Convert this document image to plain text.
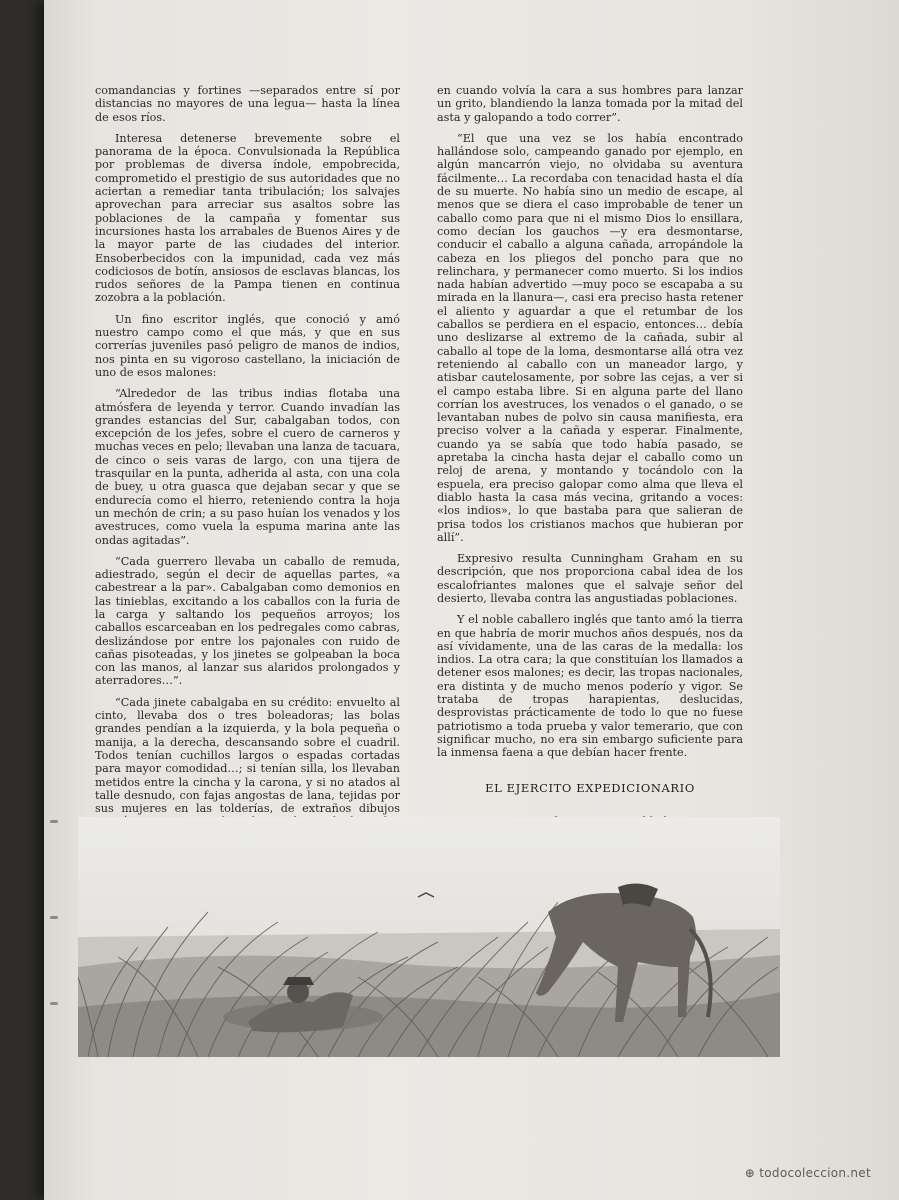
comandancias y fortines —separados entre sí por distancias no mayores de una legua— hasta la línea de esos ríos.

Interesa detenerse brevemente sobre el panorama de la época. Convulsionada la República por problemas de diversa índole, empobrecida, comprometido el prestigio de sus autoridades que no aciertan a remediar tanta tribulación; los salvajes aprovechan para arreciar sus asaltos sobre las poblaciones de la campaña y fomentar sus incursiones hasta los arrabales de Buenos Aires y de la mayor parte de las ciudades del interior. Ensoberbecidos con la impunidad, cada vez más codiciosos de botín, ansiosos de esclavas blancas, los rudos señores de la Pampa tienen en continua zozobra a la población.

Un fino escritor inglés, que conoció y amó nuestro campo como el que más, y que en sus correrías juveniles pasó peligro de manos de indios, nos pinta en su vigoroso castellano, la iniciación de uno de esos malones:

“Alrededor de las tribus indias flotaba una atmósfera de leyenda y terror. Cuando invadían las grandes estancias del Sur, cabalgaban todos, con excepción de los jefes, sobre el cuero de carneros y muchas veces en pelo; llevaban una lanza de tacuara, de cinco o seis varas de largo, con una tijera de trasquilar en la punta, adherida al asta, con una cola de buey, u otra guasca que dejaban secar y que se endurecía como el hierro, reteniendo contra la hoja un mechón de crin; a su paso huían los venados y los avestruces, como vuela la espuma marina ante las ondas agitadas”.

“Cada guerrero llevaba un caballo de remuda, adiestrado, según el decir de aquellas partes, «a cabestrear a la par». Cabalgaban como demonios en las tinieblas, excitando a los caballos con la furia de la carga y saltando los pequeños arroyos; los caballos escarceaban en los pedregales como cabras, deslizándose por entre los pajonales con ruido de cañas pisoteadas, y los jinetes se golpeaban la boca con las manos, al lanzar sus alaridos prolongados y aterradores…”.

“Cada jinete cabalgaba en su crédito: envuelto al cinto, llevaba dos o tres boleadoras; las bolas grandes pendían a la izquierda, y la bola pequeña o manija, a la derecha, descansando sobre el cuadril. Todos tenían cuchillos largos o espadas cortadas para mayor comodidad…; si tenían silla, los llevaban metidos entre la cincha y la carona, y si no atados al talle desnudo, con fajas angostas de lana, tejidas por sus mujeres en las tolderías, de extraños dibujos

en cuando volvía la cara a sus hombres para lanzar un grito, blandiendo la lanza tomada por la mitad del asta y galopando a todo correr”.

“El que una vez se los había encontrado hallándose solo, campeando ganado por ejemplo, en algún mancarrón viejo, no olvidaba su aventura fácilmente… La recordaba con tenacidad hasta el día de su muerte. No había sino un medio de escape, al menos que se diera el caso improbable de tener un caballo como para que ni el mismo Dios lo ensillara, como decían los gauchos —y era desmontarse, conducir el caballo a alguna cañada, arropándole la cabeza en los pliegos del poncho para que no relinchara, y permanecer como muerto. Si los indios nada habían advertido —muy poco se escapaba a su mirada en la llanura—, casi era preciso hasta retener el aliento y aguardar a que el retumbar de los caballos se perdiera en el espacio, entonces… debía uno deslizarse al extremo de la cañada, subir al caballo al tope de la loma, desmontarse allá otra vez reteniendo al caballo con un maneador largo, y atisbar cautelosamente, por sobre las cejas, a ver si el campo estaba libre. Si en alguna parte del llano corrían los avestruces, los venados o el ganado, o se levantaban nubes de polvo sin causa manifiesta, era preciso volver a la cañada y esperar. Finalmente, cuando ya se sabía que todo había pasado, se apretaba la cincha hasta dejar el caballo como un reloj de arena, y montando y tocándolo con la espuela, era preciso galopar como alma que lleva el diablo hasta la casa más vecina, gritando a voces: «los indios», lo que bastaba para que salieran de prisa todos los cristianos machos que hubieran por allí”.

Expresivo resulta Cunningham Graham en su descripción, que nos proporciona cabal idea de los escalofriantes malones que el salvaje señor del desierto, llevaba contra las angustiadas poblaciones.

Y el noble caballero inglés que tanto amó la tierra en que habría de morir muchos años después, nos da así vívidamente, una de las caras de la medalla: los indios. La otra cara; la que constituían los llamados a detener esos malones; es decir, las tropas nacionales, era distinta y de mucho menos poderío y vigor. Se trataba de tropas harapientas, deslucidas, desprovistas prácticamente de todo lo que no fuese patriotismo a toda prueba y valor temerario, que con significar mucho, no era sin embargo suficiente para la inmensa faena a que debían hacer frente.

EL EJERCITO EXPEDICIONARIO

⊕ todocoleccion.net
